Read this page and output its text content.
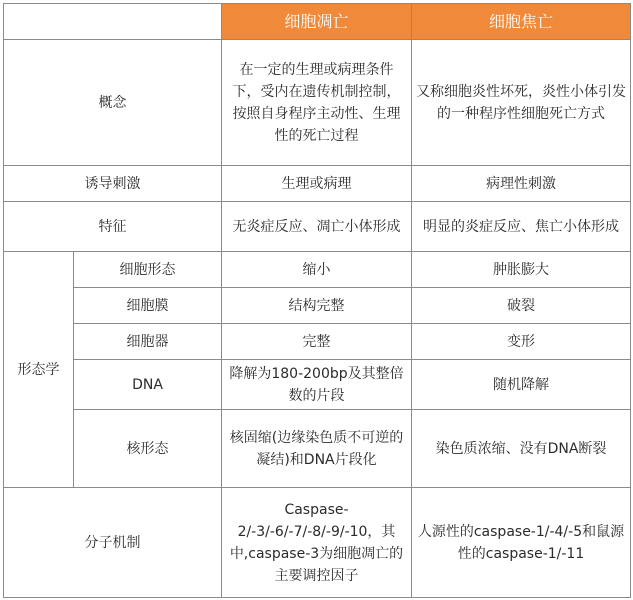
		细胞凋亡	细胞焦亡
概念		在一定的生理或病理条件下，受内在遗传机制控制，按照自身程序主动性、生理性的死亡过程	又称细胞炎性坏死，炎性小体引发的一种程序性细胞死亡方式
诱导刺激		生理或病理	病理性刺激
特征		无炎症反应、凋亡小体形成	明显的炎症反应、焦亡小体形成
形态学	细胞形态	缩小	肿胀膨大
	细胞膜	结构完整	破裂
	细胞器	完整	变形
	DNA	降解为180-200bp及其整倍数的片段	随机降解
	核形态	核固缩(边缘染色质不可逆的凝结)和DNA片段化	染色质浓缩、没有DNA断裂
分子机制		Caspase-2/-3/-6/-7/-8/-9/-10，其中,caspase-3为细胞凋亡的主要调控因子	人源性的caspase-1/-4/-5和鼠源性的caspase-1/-11
